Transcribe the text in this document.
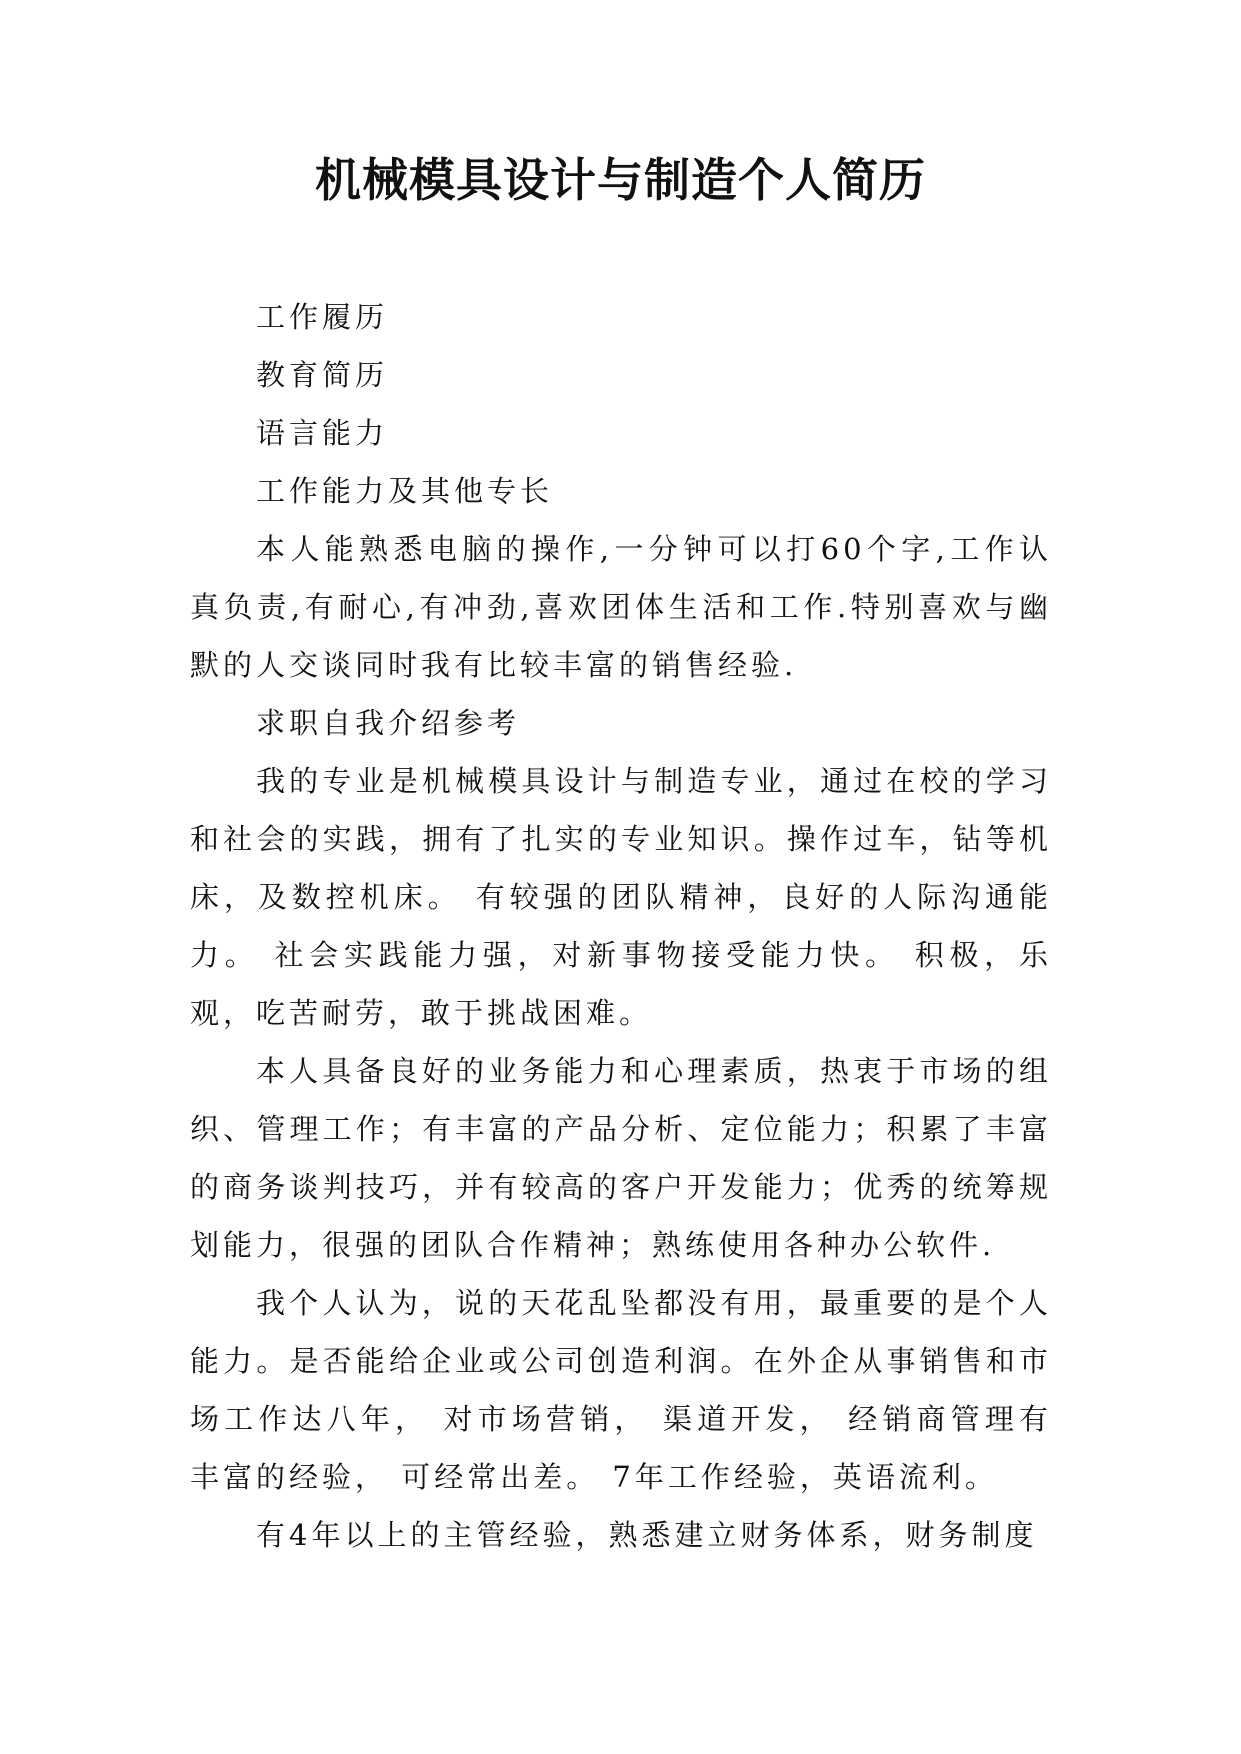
机械模具设计与制造个人简历

工作履历

教育简历

语言能力

工作能力及其他专长

本人能熟悉电脑的操作,一分钟可以打60个字,工作认真负责,有耐心,有冲劲,喜欢团体生活和工作.特别喜欢与幽默的人交谈同时我有比较丰富的销售经验.

求职自我介绍参考

我的专业是机械模具设计与制造专业，通过在校的学习和社会的实践，拥有了扎实的专业知识。操作过车，钻等机床，及数控机床。 有较强的团队精神，良好的人际沟通能力。 社会实践能力强，对新事物接受能力快。 积极，乐观，吃苦耐劳，敢于挑战困难。

本人具备良好的业务能力和心理素质，热衷于市场的组织、管理工作；有丰富的产品分析、定位能力；积累了丰富的商务谈判技巧，并有较高的客户开发能力；优秀的统筹规划能力，很强的团队合作精神；熟练使用各种办公软件.

我个人认为，说的天花乱坠都没有用，最重要的是个人能力。是否能给企业或公司创造利润。在外企从事销售和市场工作达八年， 对市场营销， 渠道开发， 经销商管理有丰富的经验， 可经常出差。 7年工作经验，英语流利。

有4年以上的主管经验，熟悉建立财务体系，财务制度
